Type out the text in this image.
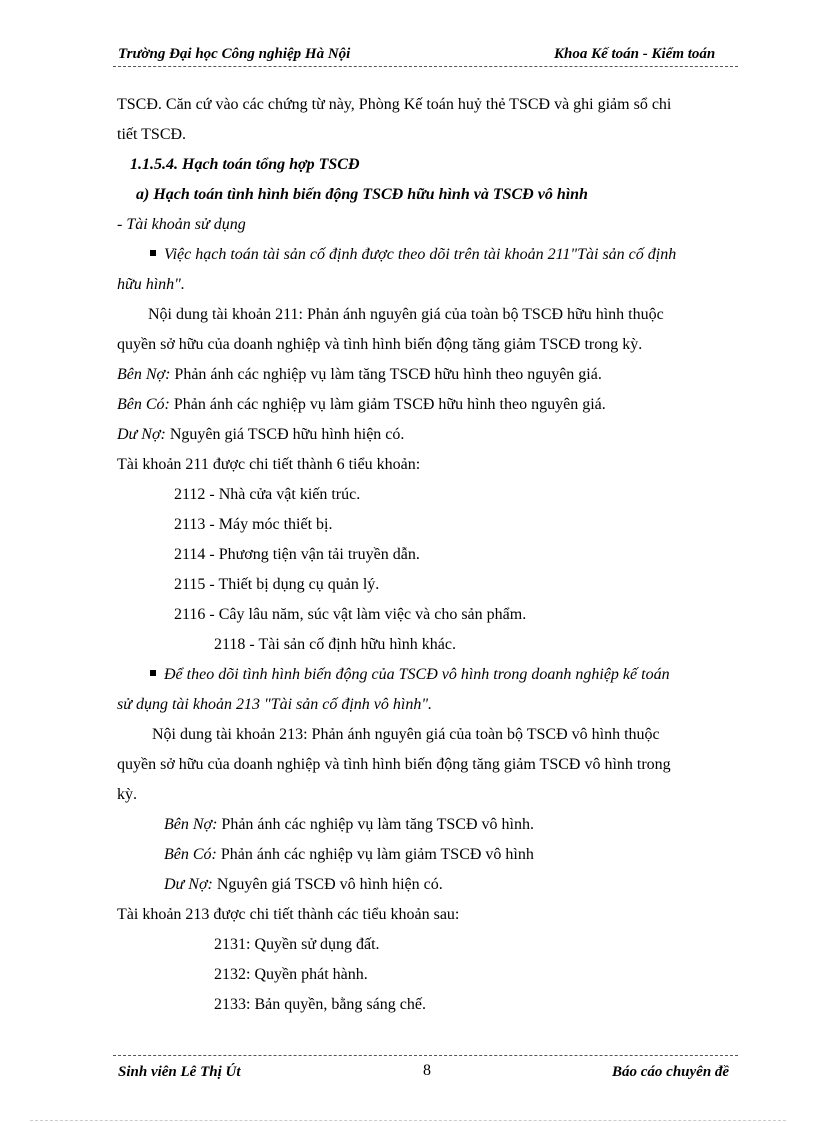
Trường Đại học Công nghiệp Hà Nội	Khoa Kế toán - Kiểm toán
TSCĐ. Căn cứ vào các chứng từ này, Phòng Kế toán huỷ thẻ TSCĐ và ghi giảm sổ chi
tiết TSCĐ.
1.1.5.4. Hạch toán tổng hợp TSCĐ
a) Hạch toán tình hình biến động TSCĐ hữu hình và TSCĐ vô hình
- Tài khoản sử dụng
Việc hạch toán tài sản cố định được theo dõi trên tài khoản 211"Tài sản cố định
hữu hình".
Nội dung tài khoản 211: Phản ánh nguyên giá của toàn bộ TSCĐ hữu hình thuộc
quyền sở hữu của doanh nghiệp và tình hình biến động tăng giảm TSCĐ trong kỳ.
Bên Nợ: Phản ánh các nghiệp vụ làm tăng TSCĐ hữu hình theo nguyên giá.
Bên Có: Phản ánh các nghiệp vụ làm giảm TSCĐ hữu hình theo nguyên giá.
Dư Nợ: Nguyên giá TSCĐ hữu hình hiện có.
Tài khoản 211 được chi tiết thành 6 tiểu khoản:
2112 - Nhà cửa vật kiến trúc.
2113 - Máy móc thiết bị.
2114 - Phương tiện vận tải truyền dẫn.
2115 - Thiết bị dụng cụ quản lý.
2116 - Cây lâu năm, súc vật làm việc và cho sản phẩm.
2118 - Tài sản cố định hữu hình khác.
Để theo dõi tình hình biến động của TSCĐ vô hình trong doanh nghiệp kế toán
sử dụng tài khoản 213 "Tài sản cố định vô hình".
Nội dung tài khoản 213: Phản ánh nguyên giá của toàn bộ TSCĐ vô hình thuộc
quyền sở hữu của doanh nghiệp và tình hình biến động tăng giảm TSCĐ vô hình trong
kỳ.
Bên Nợ: Phản ánh các nghiệp vụ làm tăng TSCĐ vô hình.
Bên Có: Phản ánh các nghiệp vụ làm giảm TSCĐ vô hình
Dư Nợ: Nguyên giá TSCĐ vô hình hiện có.
Tài khoản 213 được chi tiết thành các tiểu khoản sau:
2131: Quyền sử dụng đất.
2132: Quyền phát hành.
2133: Bản quyền, bằng sáng chế.
Sinh viên Lê Thị Út	8	Báo cáo chuyên đề
